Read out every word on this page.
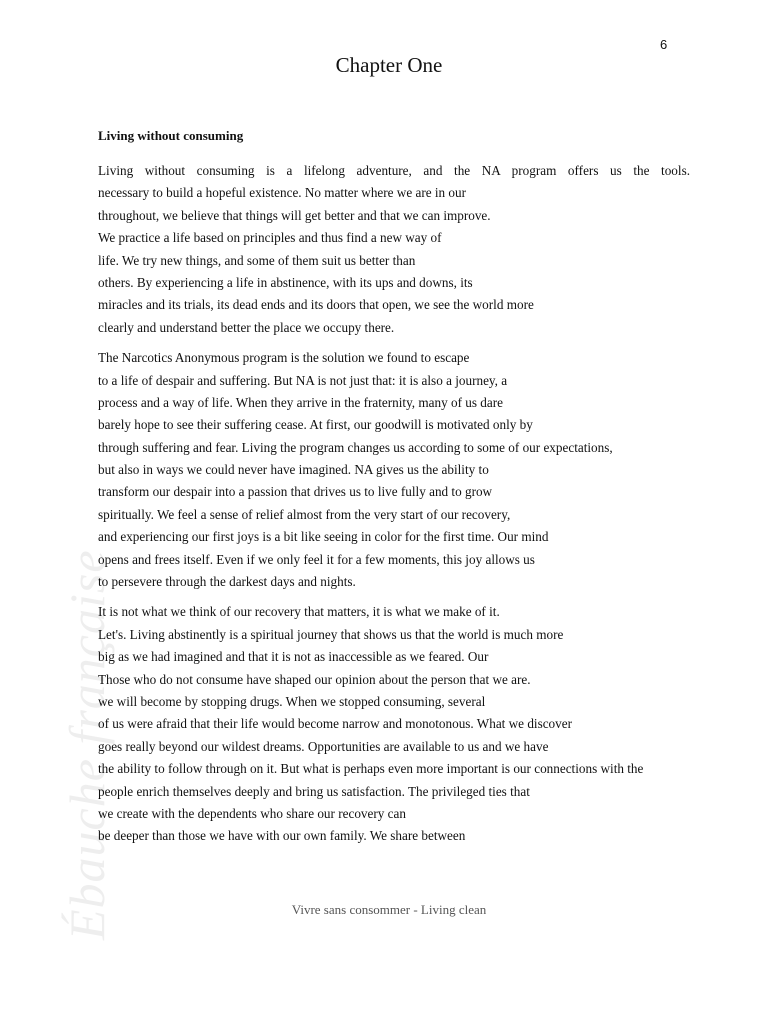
Ébauche française
6
Chapter One
Living without consuming

Living without consuming is a lifelong adventure, and the NA program offers us the tools.
necessary to build a hopeful existence. No matter where we are in our
throughout, we believe that things will get better and that we can improve.
We practice a life based on principles and thus find a new way of
life. We try new things, and some of them suit us better than
others. By experiencing a life in abstinence, with its ups and downs, its
miracles and its trials, its dead ends and its doors that open, we see the world more
clearly and understand better the place we occupy there.

The Narcotics Anonymous program is the solution we found to escape
to a life of despair and suffering. But NA is not just that: it is also a journey, a
process and a way of life. When they arrive in the fraternity, many of us dare
barely hope to see their suffering cease. At first, our goodwill is motivated only by
through suffering and fear. Living the program changes us according to some of our expectations,
but also in ways we could never have imagined. NA gives us the ability to
transform our despair into a passion that drives us to live fully and to grow
spiritually. We feel a sense of relief almost from the very start of our recovery,
and experiencing our first joys is a bit like seeing in color for the first time. Our mind
opens and frees itself. Even if we only feel it for a few moments, this joy allows us
to persevere through the darkest days and nights.

It is not what we think of our recovery that matters, it is what we make of it.
Let's. Living abstinently is a spiritual journey that shows us that the world is much more
big as we had imagined and that it is not as inaccessible as we feared. Our
Those who do not consume have shaped our opinion about the person that we are.
we will become by stopping drugs. When we stopped consuming, several
of us were afraid that their life would become narrow and monotonous. What we discover
goes really beyond our wildest dreams. Opportunities are available to us and we have
the ability to follow through on it. But what is perhaps even more important is our connections with the
people enrich themselves deeply and bring us satisfaction. The privileged ties that
we create with the dependents who share our recovery can
be deeper than those we have with our own family. We share between

Vivre sans consommer - Living clean
